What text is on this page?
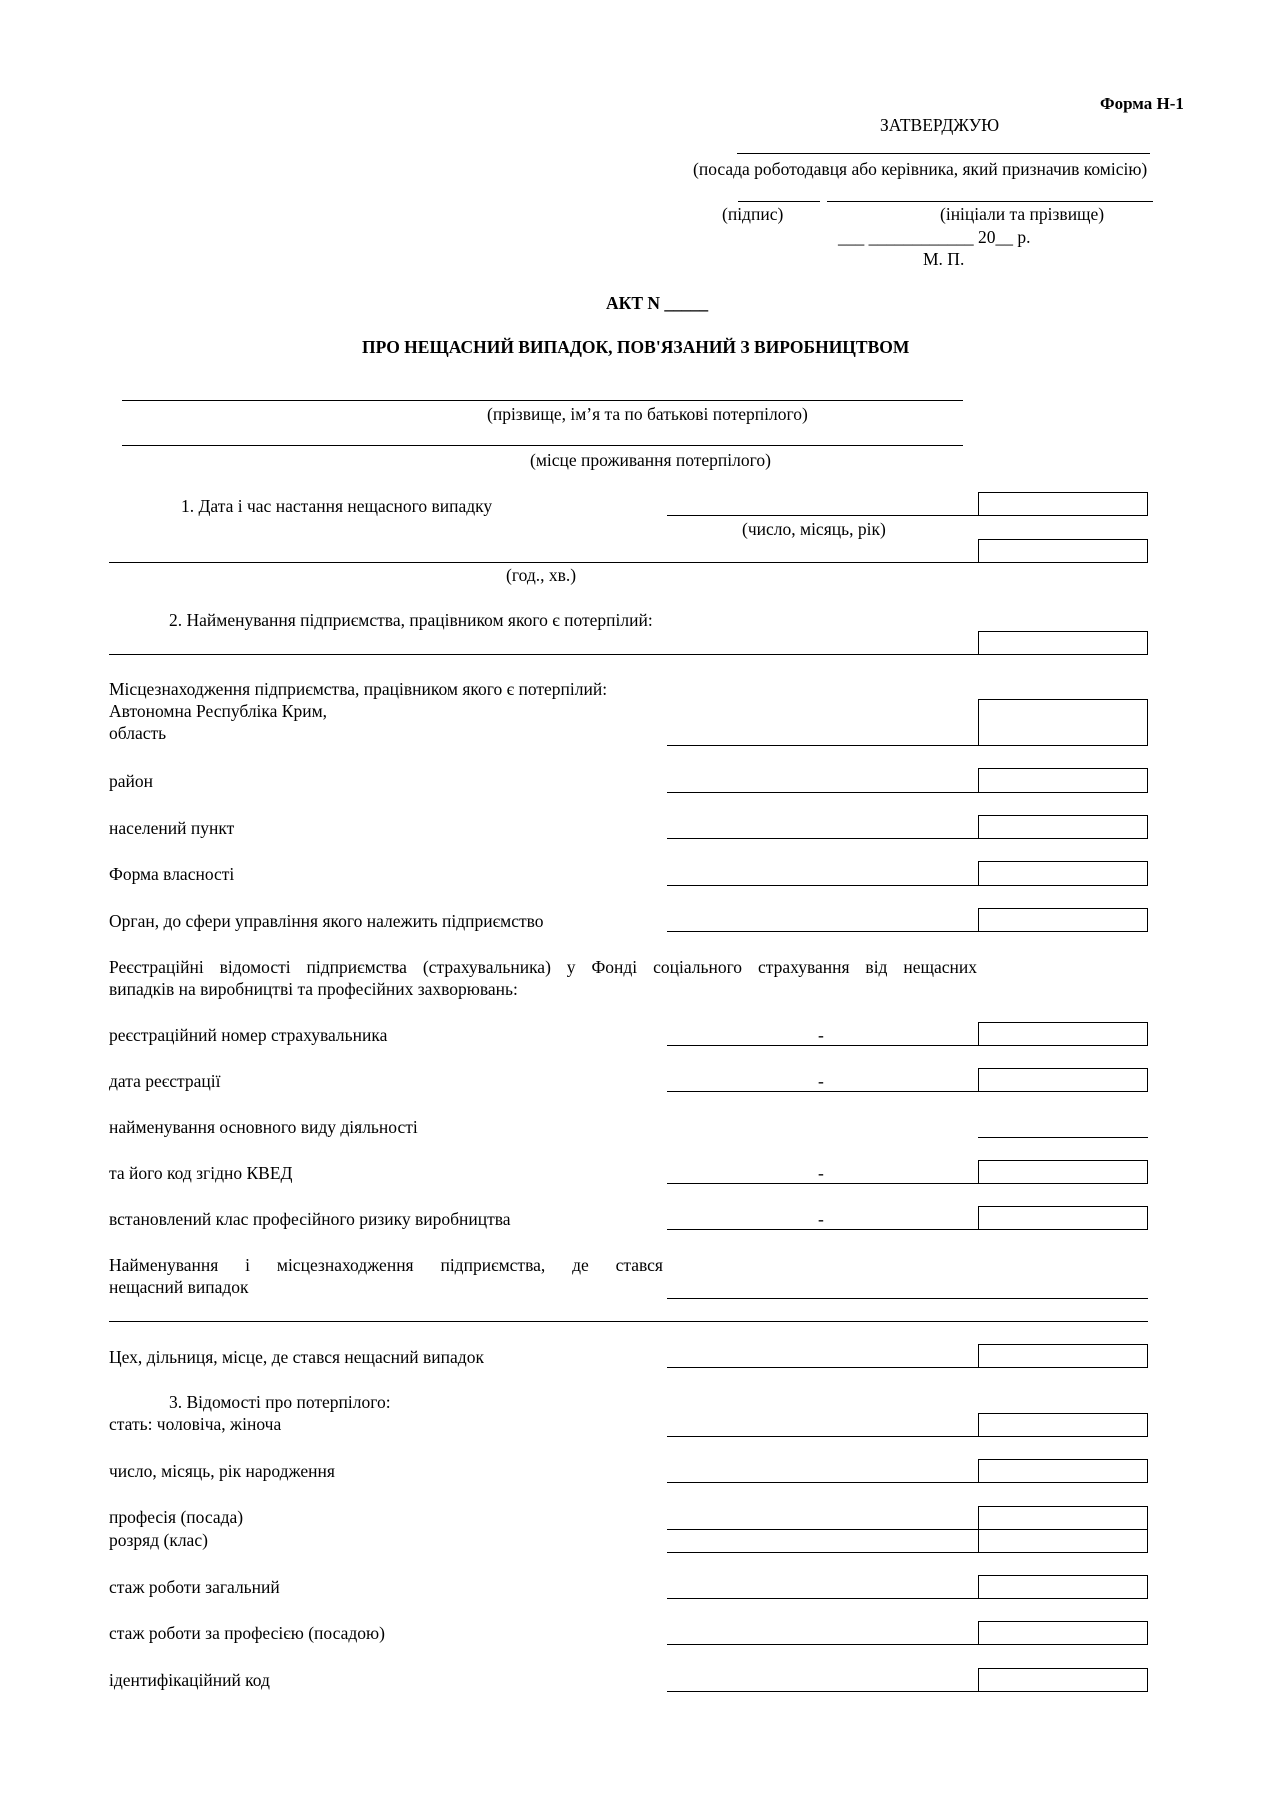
Форма Н-1
ЗАТВЕРДЖУЮ
(посада роботодавця або керівника, який призначив комісію)
(підпис)	(ініціали та прізвище)
___ ____________ 20__ р.
М. П.
АКТ N _____
ПРО НЕЩАСНИЙ ВИПАДОК, ПОВ'ЯЗАНИЙ З ВИРОБНИЦТВОМ
(прізвище, ім’я та по батькові потерпілого)
(місце проживання потерпілого)
1. Дата і час настання нещасного випадку
(число, місяць, рік)
(год., хв.)
2. Найменування підприємства, працівником якого є потерпілий:
Місцезнаходження підприємства, працівником якого є потерпілий:
Автономна Республіка Крим,
область
район
населений пункт
Форма власності
Орган, до сфери управління якого належить підприємство
Реєстраційні відомості підприємства (страхувальника) у Фонді соціального страхування від нещасних
випадків на виробництві та професійних захворювань:
реєстраційний номер страхувальника	-
дата реєстрації	-
найменування основного виду діяльності
та його код згідно КВЕД	-
встановлений клас професійного ризику виробництва	-
Найменування і місцезнаходження підприємства, де стався
нещасний випадок
Цех, дільниця, місце, де стався нещасний випадок
3. Відомості про потерпілого:
стать: чоловіча, жіноча
число, місяць, рік народження
професія (посада)
розряд (клас)
стаж роботи загальний
стаж роботи за професією (посадою)
ідентифікаційний код
